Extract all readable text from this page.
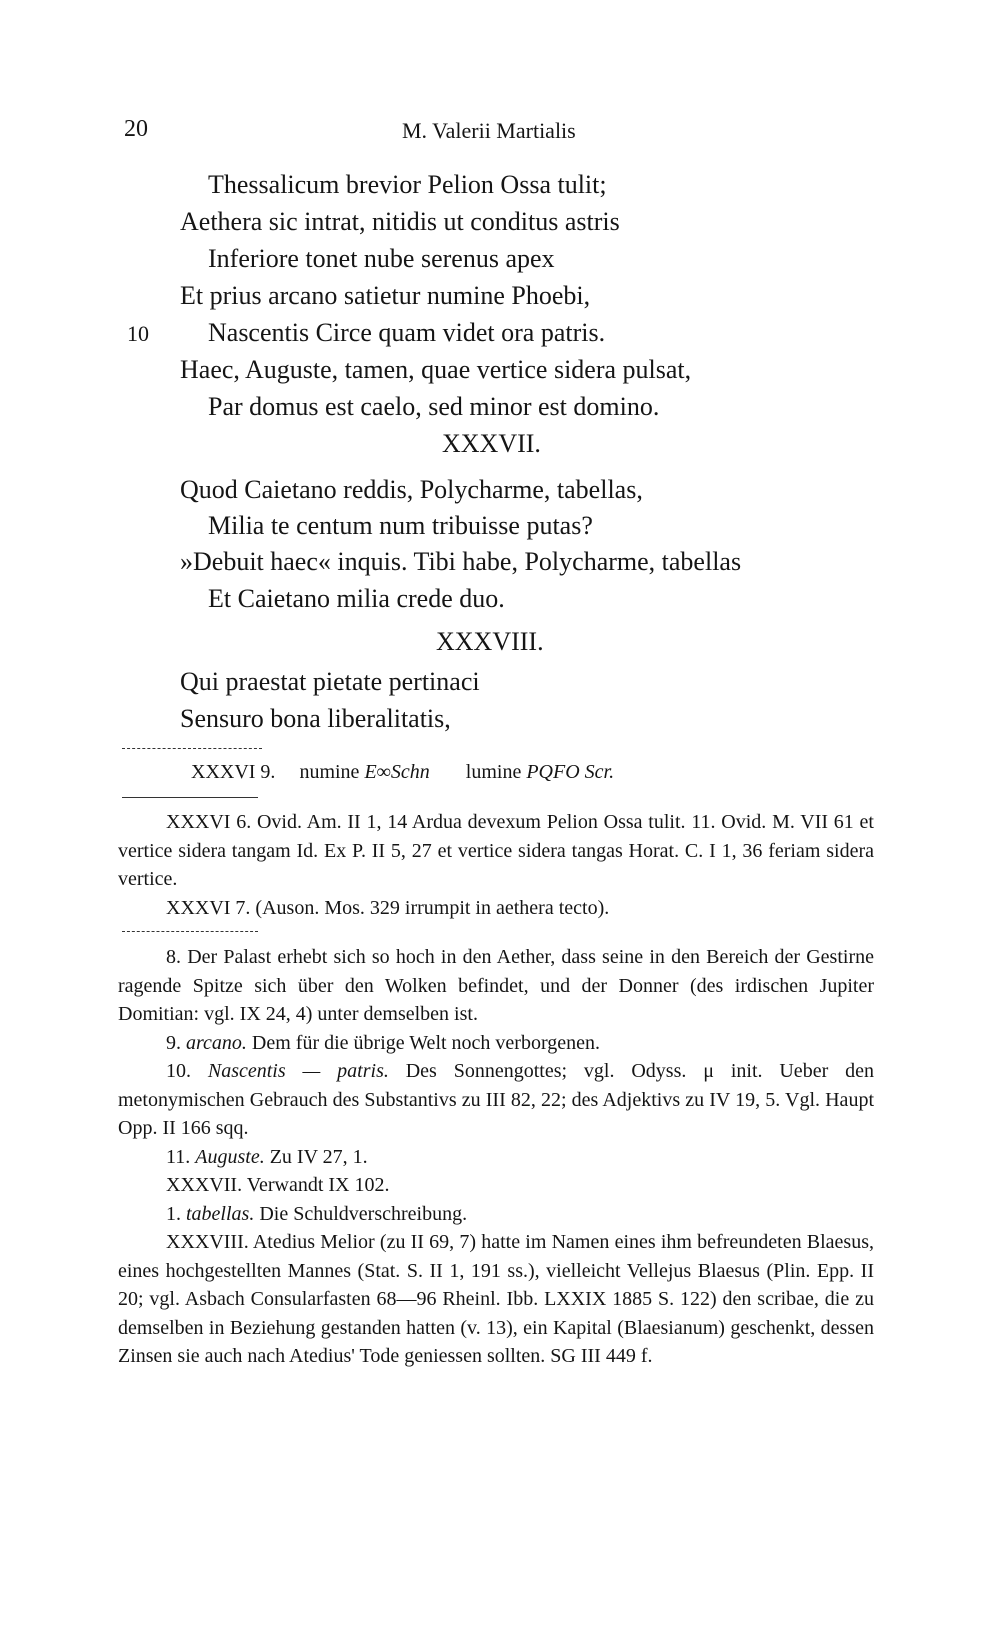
20	M. Valerii Martialis
Thessalicum brevior Pelion Ossa tulit;
Aethera sic intrat, nitidis ut conditus astris
Inferiore tonet nube serenus apex
Et prius arcano satietur numine Phoebi,
10 Nascentis Circe quam videt ora patris.
Haec, Auguste, tamen, quae vertice sidera pulsat,
Par domus est caelo, sed minor est domino.
XXXVII.
Quod Caietano reddis, Polycharme, tabellas,
Milia te centum num tribuisse putas?
»Debuit haec« inquis. Tibi habe, Polycharme, tabellas
Et Caietano milia crede duo.
XXXVIII.
Qui praestat pietate pertinaci
Sensuro bona liberalitatis,
XXXVI 9. numine E∞Schn lumine PQFO Scr.

XXXVI 6. Ovid. Am. II 1, 14 Ardua devexum Pelion Ossa tulit. 11. Ovid. M. VII 61 et vertice sidera tangam Id. Ex P. II 5, 27 et vertice sidera tangas Horat. C. I 1, 36 feriam sidera vertice.

XXXVI 7. (Auson. Mos. 329 irrumpit in aethera tecto).

8. Der Palast erhebt sich so hoch in den Aether, dass seine in den Bereich der Gestirne ragende Spitze sich über den Wolken befindet, und der Donner (des irdischen Jupiter Domitian: vgl. IX 24, 4) unter demselben ist.

9. arcano. Dem für die übrige Welt noch verborgenen.

10. Nascentis — patris. Des Sonnengottes; vgl. Odyss. μ init. Ueber den metonymischen Gebrauch des Substantivs zu III 82, 22; des Adjektivs zu IV 19, 5. Vgl. Haupt Opp. II 166 sqq.

11. Auguste. Zu IV 27, 1.

XXXVII. Verwandt IX 102.

1. tabellas. Die Schuldverschreibung.

XXXVIII. Atedius Melior (zu II 69, 7) hatte im Namen eines ihm befreundeten Blaesus, eines hochgestellten Mannes (Stat. S. II 1, 191 ss.), vielleicht Vellejus Blaesus (Plin. Epp. II 20; vgl. Asbach Consularfasten 68—96 Rheinl. Ibb. LXXIX 1885 S. 122) den scribae, die zu demselben in Beziehung gestanden hatten (v. 13), ein Kapital (Blaesianum) geschenkt, dessen Zinsen sie auch nach Atedius' Tode geniessen sollten. SG III 449 f.
